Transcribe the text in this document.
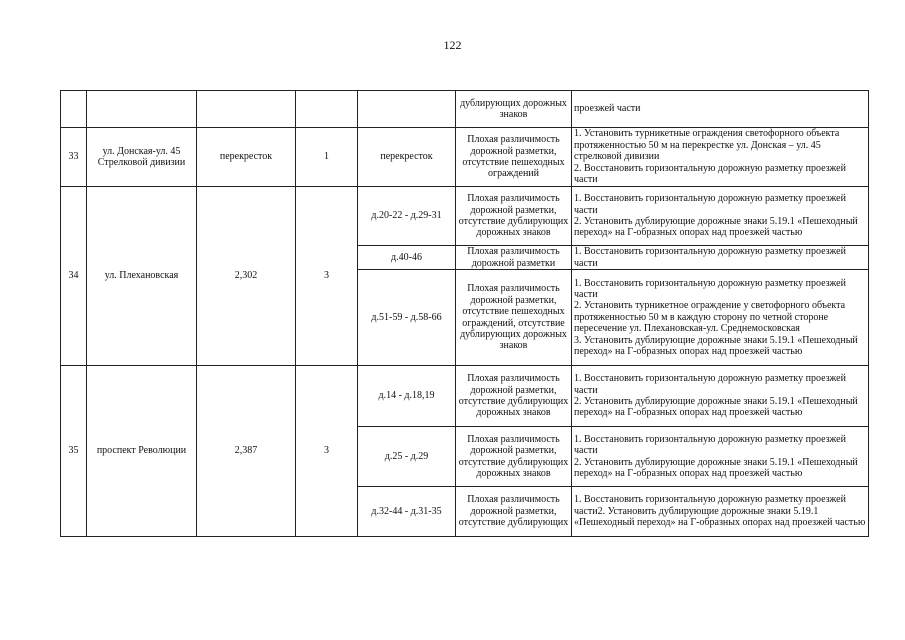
122
					дублирующих дорожных знаков	проезжей части
33	ул. Донская-ул. 45 Стрелковой дивизии	перекресток	1	перекресток	Плохая различимость дорожной разметки, отсутствие пешеходных ограждений	1. Установить турникетные ограждения светофорного объекта протяженностью 50 м на перекрестке ул. Донская – ул. 45 стрелковой дивизии
2. Восстановить горизонтальную дорожную разметку проезжей части
34	ул. Плехановская	2,302	3	д.20-22 - д.29-31	Плохая различимость дорожной разметки, отсутствие дублирующих дорожных знаков	1. Восстановить горизонтальную дорожную разметку проезжей части
2. Установить дублирующие дорожные знаки 5.19.1 «Пешеходный переход» на Г-образных опорах над проезжей частью
				д.40-46	Плохая различимость дорожной разметки	1. Восстановить горизонтальную дорожную разметку проезжей части
				д.51-59 - д.58-66	Плохая различимость дорожной разметки, отсутствие пешеходных ограждений, отсутствие дублирующих дорожных знаков	1. Восстановить горизонтальную дорожную разметку проезжей части
2. Установить турникетное ограждение у светофорного объекта протяженностью 50 м в каждую сторону по четной стороне пересечение ул. Плехановская-ул. Среднемосковская
3. Установить дублирующие дорожные знаки 5.19.1 «Пешеходный переход» на Г-образных опорах над проезжей частью
35	проспект Революции	2,387	3	д.14 - д.18,19	Плохая различимость дорожной разметки, отсутствие дублирующих дорожных знаков	1. Восстановить горизонтальную дорожную разметку проезжей части
2. Установить дублирующие дорожные знаки 5.19.1 «Пешеходный переход» на Г-образных опорах над проезжей частью
				д.25 - д.29	Плохая различимость дорожной разметки, отсутствие дублирующих дорожных знаков	1. Восстановить горизонтальную дорожную разметку проезжей части
2. Установить дублирующие дорожные знаки 5.19.1 «Пешеходный переход» на Г-образных опорах над проезжей частью
				д.32-44 - д.31-35	Плохая различимость дорожной разметки, отсутствие дублирующих	1. Восстановить горизонтальную дорожную разметку проезжей части2. Установить дублирующие дорожные знаки 5.19.1 «Пешеходный переход» на Г-образных опорах над проезжей частью
